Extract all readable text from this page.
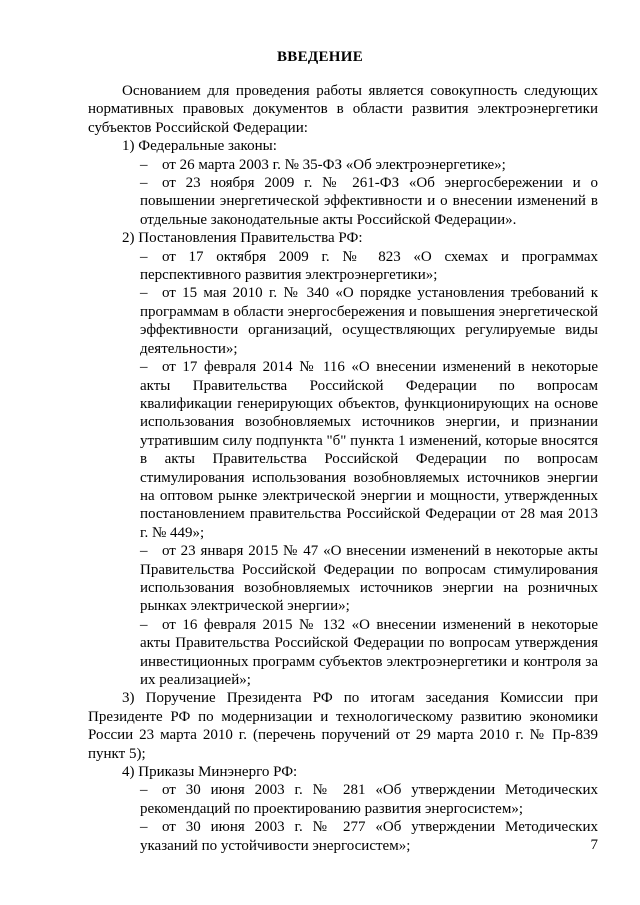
ВВЕДЕНИЕ

Основанием для проведения работы является совокупность следующих нормативных правовых документов в области развития электроэнергетики субъектов Российской Федерации:

1) Федеральные законы:

– от 26 марта 2003 г. № 35-ФЗ «Об электроэнергетике»;

– от 23 ноября 2009 г. № 261-ФЗ «Об энергосбережении и о повышении энергетической эффективности и о внесении изменений в отдельные законодательные акты Российской Федерации».

2) Постановления Правительства РФ:

– от 17 октября 2009 г. № 823 «О схемах и программах перспективного развития электроэнергетики»;

– от 15 мая 2010 г. № 340 «О порядке установления требований к программам в области энергосбережения и повышения энергетической эффективности организаций, осуществляющих регулируемые виды деятельности»;

– от 17 февраля 2014 № 116 «О внесении изменений в некоторые акты Правительства Российской Федерации по вопросам квалификации генерирующих объектов, функционирующих на основе использования возобновляемых источников энергии, и признании утратившим силу подпункта "б" пункта 1 изменений, которые вносятся в акты Правительства Российской Федерации по вопросам стимулирования использования возобновляемых источников энергии на оптовом рынке электрической энергии и мощности, утвержденных постановлением правительства Российской Федерации от 28 мая 2013 г. № 449»;

– от 23 января 2015 № 47 «О внесении изменений в некоторые акты Правительства Российской Федерации по вопросам стимулирования использования возобновляемых источников энергии на розничных рынках электрической энергии»;

– от 16 февраля 2015 № 132 «О внесении изменений в некоторые акты Правительства Российской Федерации по вопросам утверждения инвестиционных программ субъектов электроэнергетики и контроля за их реализацией»;

3) Поручение Президента РФ по итогам заседания Комиссии при Президенте РФ по модернизации и технологическому развитию экономики России 23 марта 2010 г. (перечень поручений от 29 марта 2010 г. № Пр-839 пункт 5);

4) Приказы Минэнерго РФ:

– от 30 июня 2003 г. № 281 «Об утверждении Методических рекомендаций по проектированию развития энергосистем»;

– от 30 июня 2003 г. № 277 «Об утверждении Методических указаний по устойчивости энергосистем»;	7
